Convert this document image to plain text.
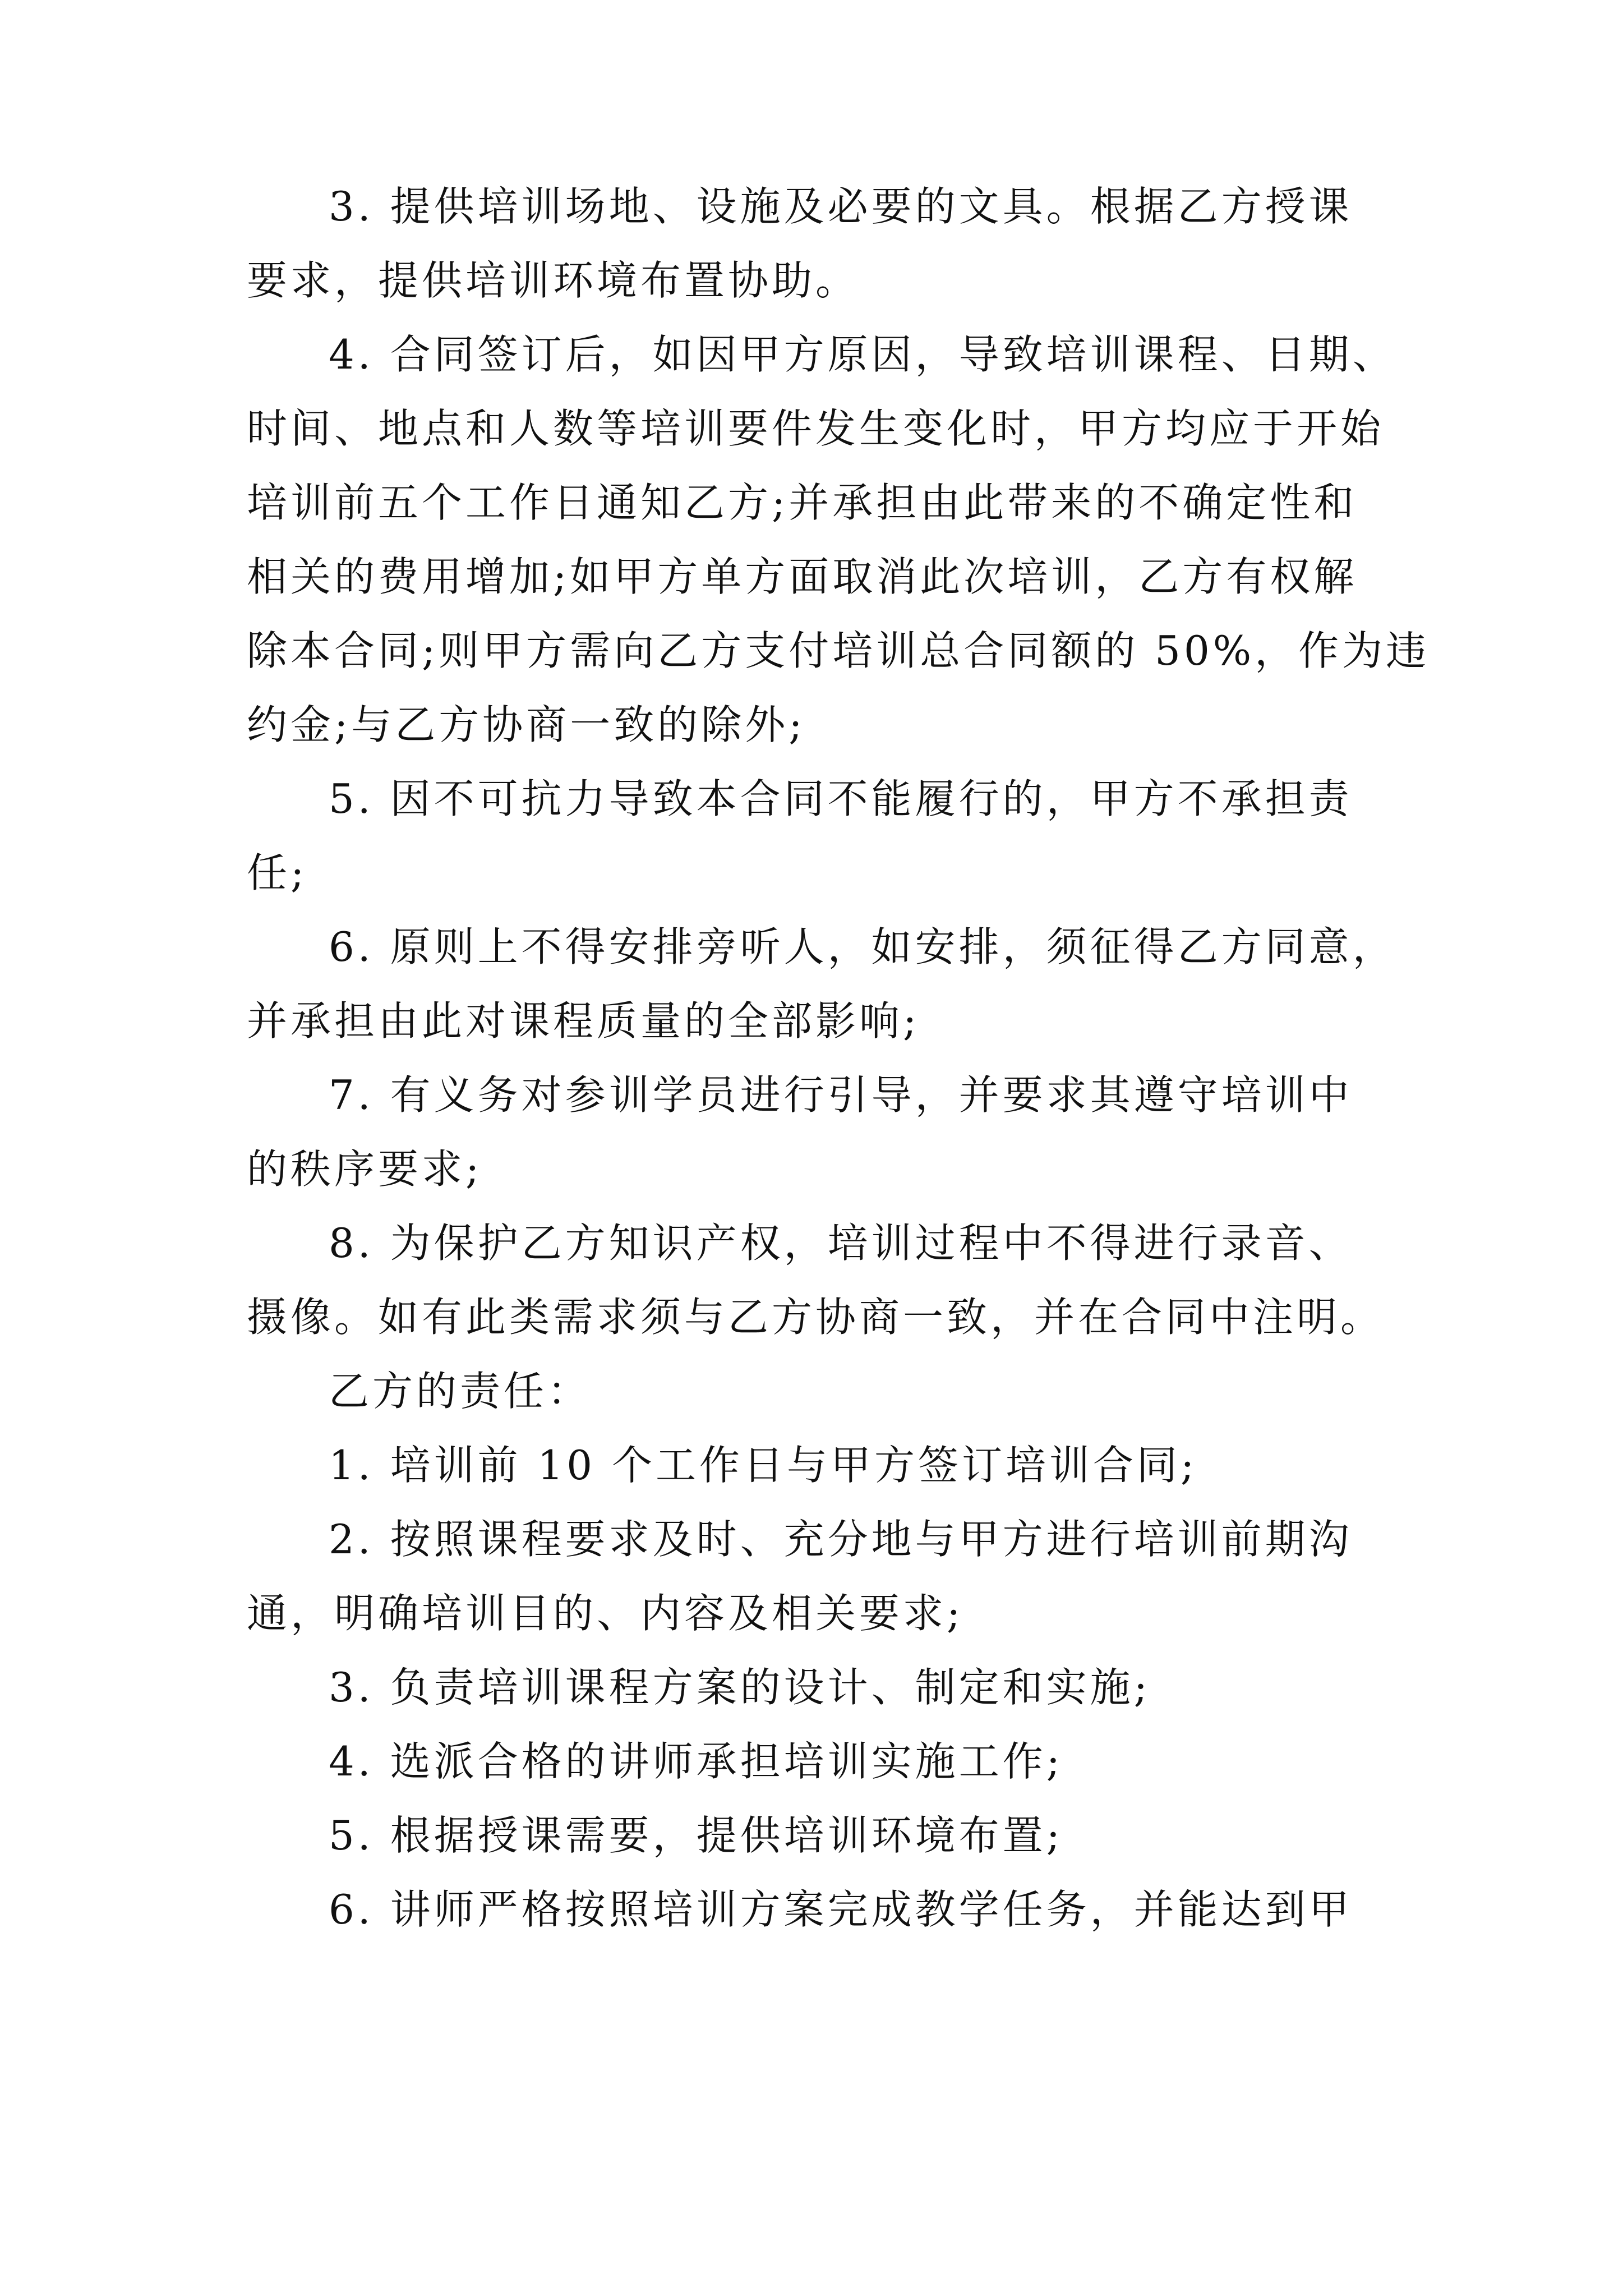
3. 提供培训场地、设施及必要的文具。根据乙方授课
要求，提供培训环境布置协助。
4. 合同签订后，如因甲方原因，导致培训课程、日期、
时间、地点和人数等培训要件发生变化时，甲方均应于开始
培训前五个工作日通知乙方;并承担由此带来的不确定性和
相关的费用增加;如甲方单方面取消此次培训，乙方有权解
除本合同;则甲方需向乙方支付培训总合同额的 50%，作为违
约金;与乙方协商一致的除外;
5. 因不可抗力导致本合同不能履行的，甲方不承担责
任;
6. 原则上不得安排旁听人，如安排，须征得乙方同意，
并承担由此对课程质量的全部影响;
7. 有义务对参训学员进行引导，并要求其遵守培训中
的秩序要求;
8. 为保护乙方知识产权，培训过程中不得进行录音、
摄像。如有此类需求须与乙方协商一致，并在合同中注明。
乙方的责任：
1. 培训前 10 个工作日与甲方签订培训合同;
2. 按照课程要求及时、充分地与甲方进行培训前期沟
通，明确培训目的、内容及相关要求;
3. 负责培训课程方案的设计、制定和实施;
4. 选派合格的讲师承担培训实施工作;
5. 根据授课需要，提供培训环境布置;
6. 讲师严格按照培训方案完成教学任务，并能达到甲
